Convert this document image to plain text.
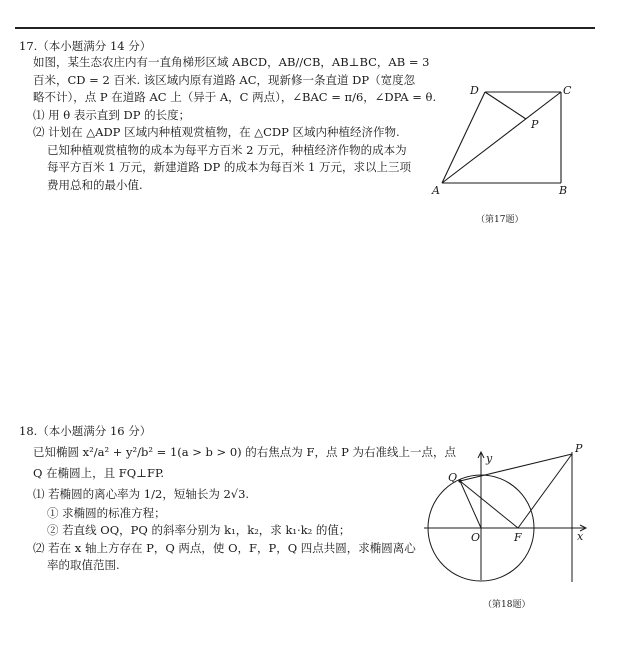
17.（本小题满分 14 分）
如图，某生态农庄内有一直角梯形区域 ABCD，AB//CB，AB⊥BC，AB = 3
百米，CD = 2 百米. 该区域内原有道路 AC，现新修一条直道 DP（宽度忽
略不计），点 P 在道路 AC 上（异于 A，C 两点），∠BAC = π/6，∠DPA = θ.
⑴ 用 θ 表示直到 DP 的长度；
⑵ 计划在 △ADP 区域内种植观赏植物，在 △CDP 区域内种植经济作物.
已知种植观赏植物的成本为每平方百米 2 万元，种植经济作物的成本为
每平方百米 1 万元，新建道路 DP 的成本为每百米 1 万元，求以上三项
费用总和的最小值.	A	B
C
D
P
（第17题）
18.（本小题满分 16 分）
已知椭圆 x²/a² + y²/b² = 1(a > b > 0) 的右焦点为 F，点 P 为右准线上一点，点
Q 在椭圆上，且 FQ⊥FP.
⑴ 若椭圆的离心率为 1/2，短轴长为 2√3.
① 求椭圆的标准方程；
② 若直线 OQ，PQ 的斜率分别为 k₁，k₂，求 k₁·k₂ 的值；
⑵ 若在 x 轴上方存在 P，Q 两点，使 O，F，P，Q 四点共圆，求椭圆离心
率的取值范围.
y
x
O	F
P
Q
（第18题）
